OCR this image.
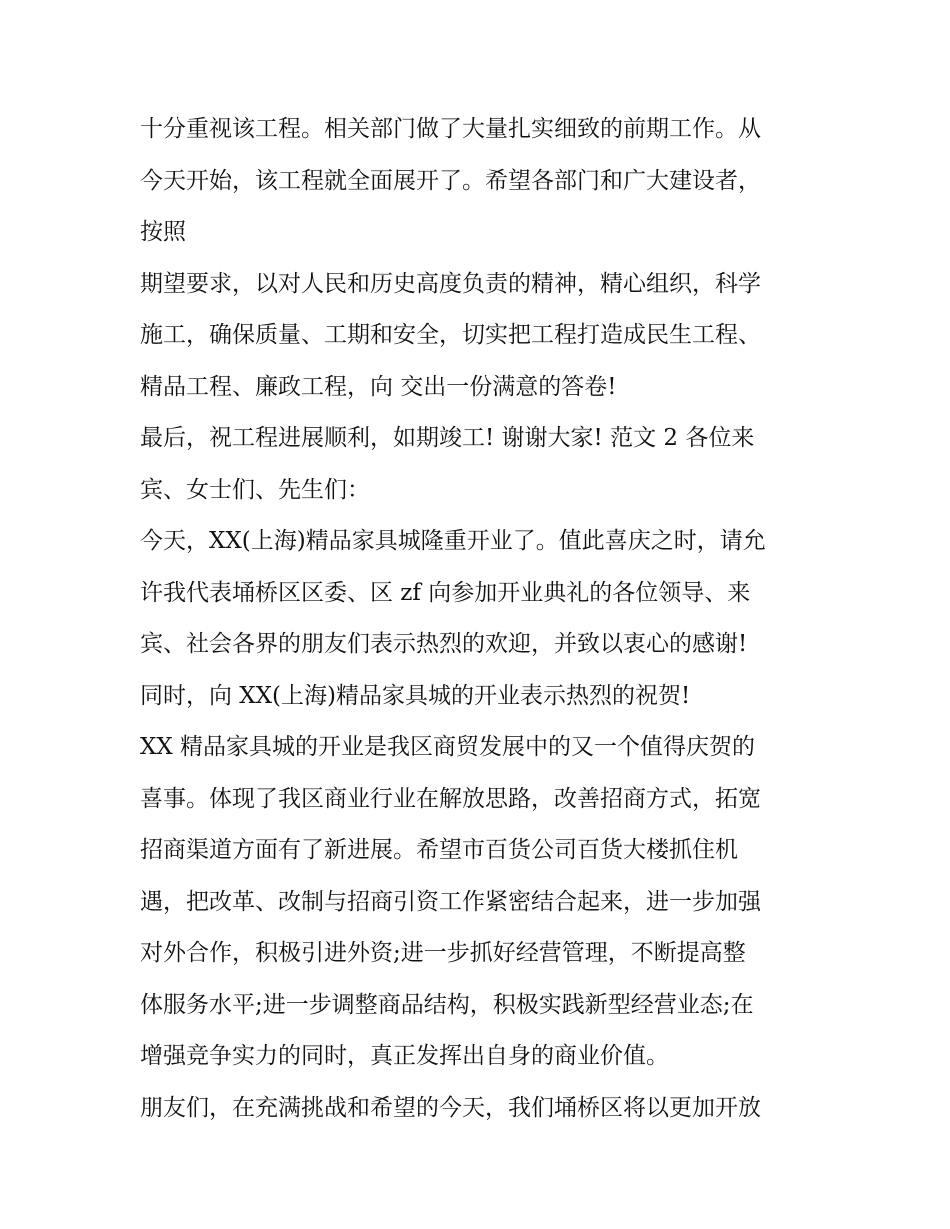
十分重视该工程。相关部门做了大量扎实细致的前期工作。从
今天开始，该工程就全面展开了。希望各部门和广大建设者，
按照
期望要求，以对人民和历史高度负责的精神，精心组织，科学
施工，确保质量、工期和安全，切实把工程打造成民生工程、
精品工程、廉政工程，向 交出一份满意的答卷!
最后，祝工程进展顺利，如期竣工! 谢谢大家! 范文 2 各位来
宾、女士们、先生们：
今天，XX(上海)精品家具城隆重开业了。值此喜庆之时，请允
许我代表埇桥区区委、区 zf 向参加开业典礼的各位领导、来
宾、社会各界的朋友们表示热烈的欢迎，并致以衷心的感谢!
同时，向 XX(上海)精品家具城的开业表示热烈的祝贺!
XX 精品家具城的开业是我区商贸发展中的又一个值得庆贺的
喜事。体现了我区商业行业在解放思路，改善招商方式，拓宽
招商渠道方面有了新进展。希望市百货公司百货大楼抓住机
遇，把改革、改制与招商引资工作紧密结合起来，进一步加强
对外合作，积极引进外资;进一步抓好经营管理，不断提高整
体服务水平;进一步调整商品结构，积极实践新型经营业态;在
增强竞争实力的同时，真正发挥出自身的商业价值。
朋友们，在充满挑战和希望的今天，我们埇桥区将以更加开放
